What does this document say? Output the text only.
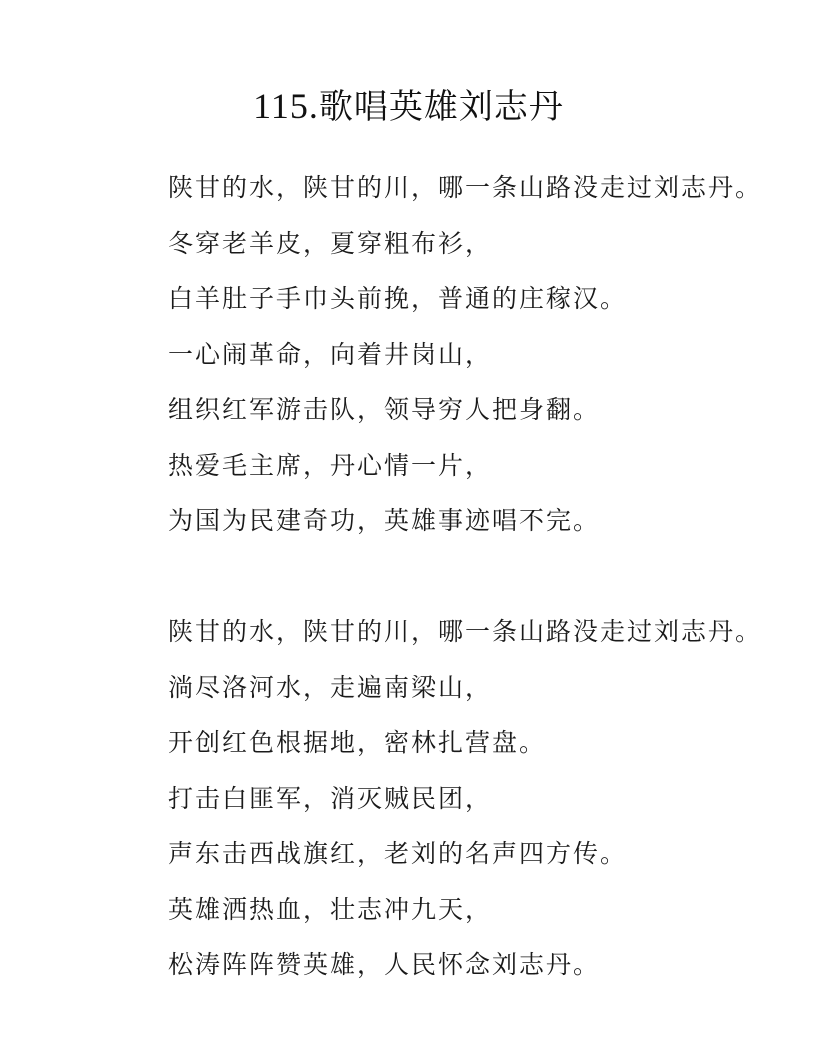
115.歌唱英雄刘志丹
陕甘的水，陕甘的川，哪一条山路没走过刘志丹。
冬穿老羊皮，夏穿粗布衫，
白羊肚子手巾头前挽，普通的庄稼汉。
一心闹革命，向着井岗山，
组织红军游击队，领导穷人把身翻。
热爱毛主席，丹心情一片，
为国为民建奇功，英雄事迹唱不完。
陕甘的水，陕甘的川，哪一条山路没走过刘志丹。
淌尽洛河水，走遍南梁山，
开创红色根据地，密林扎营盘。
打击白匪军，消灭贼民团，
声东击西战旗红，老刘的名声四方传。
英雄洒热血，壮志冲九天，
松涛阵阵赞英雄，人民怀念刘志丹。
